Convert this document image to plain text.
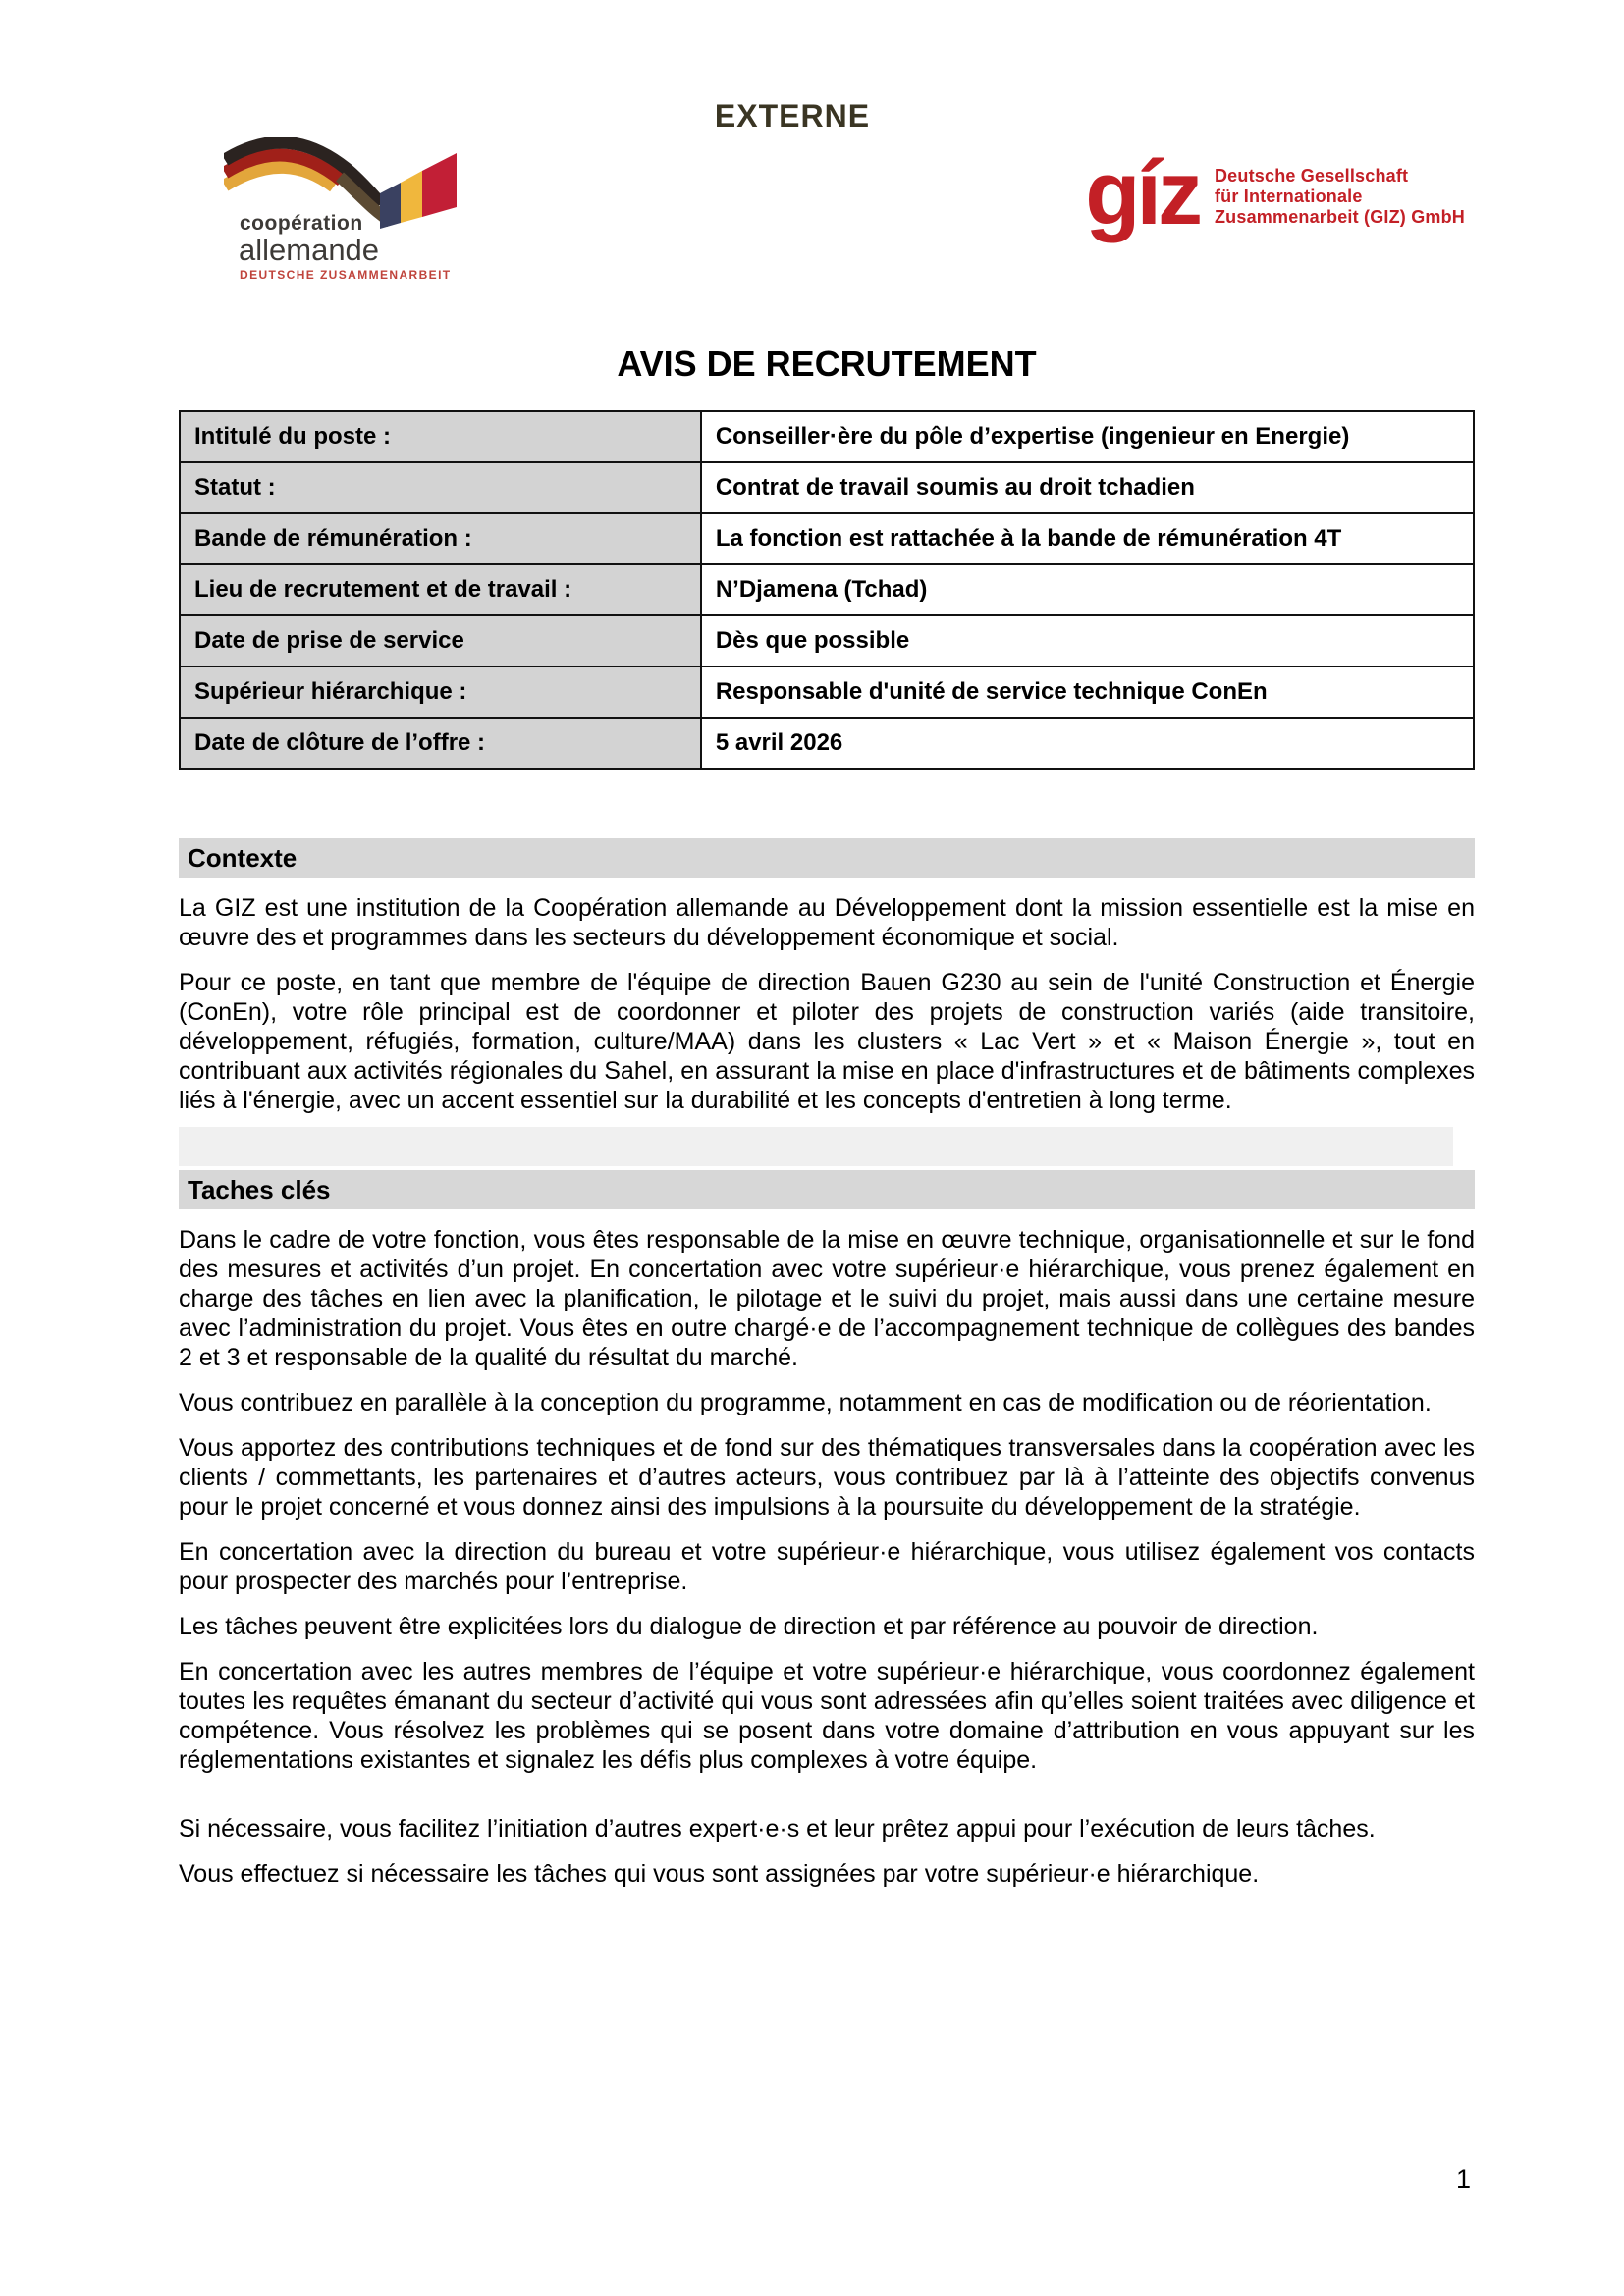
EXTERNE
coopération
allemande
DEUTSCHE ZUSAMMENARBEIT
gíz Deutsche Gesellschaft
für Internationale
Zusammenarbeit (GIZ) GmbH
AVIS DE RECRUTEMENT
Intitulé du poste :	Conseiller·ère du pôle d’expertise (ingenieur en Energie)
Statut :	Contrat de travail soumis au droit tchadien
Bande de rémunération :	La fonction est rattachée à la bande de rémunération 4T
Lieu de recrutement et de travail :	N’Djamena (Tchad)
Date de prise de service	Dès que possible
Supérieur hiérarchique :	Responsable d'unité de service technique ConEn
Date de clôture de l’offre :	5 avril 2026
Contexte

La GIZ est une institution de la Coopération allemande au Développement dont la mission essentielle est la mise en œuvre des et programmes dans les secteurs du développement économique et social.

Pour ce poste, en tant que membre de l'équipe de direction Bauen G230 au sein de l'unité Construction et Énergie (ConEn), votre rôle principal est de coordonner et piloter des projets de construction variés (aide transitoire, développement, réfugiés, formation, culture/MAA) dans les clusters « Lac Vert » et « Maison Énergie », tout en contribuant aux activités régionales du Sahel, en assurant la mise en place d'infrastructures et de bâtiments complexes liés à l'énergie, avec un accent essentiel sur la durabilité et les concepts d'entretien à long terme.

Taches clés

Dans le cadre de votre fonction, vous êtes responsable de la mise en œuvre technique, organisationnelle et sur le fond des mesures et activités d’un projet. En concertation avec votre supérieur·e hiérarchique, vous prenez également en charge des tâches en lien avec la planification, le pilotage et le suivi du projet, mais aussi dans une certaine mesure avec l’administration du projet. Vous êtes en outre chargé·e de l’accompagnement technique de collègues des bandes 2 et 3 et responsable de la qualité du résultat du marché.

Vous contribuez en parallèle à la conception du programme, notamment en cas de modification ou de réorientation.

Vous apportez des contributions techniques et de fond sur des thématiques transversales dans la coopération avec les clients / commettants, les partenaires et d’autres acteurs, vous contribuez par là à l’atteinte des objectifs convenus pour le projet concerné et vous donnez ainsi des impulsions à la poursuite du développement de la stratégie.

En concertation avec la direction du bureau et votre supérieur·e hiérarchique, vous utilisez également vos contacts pour prospecter des marchés pour l’entreprise.

Les tâches peuvent être explicitées lors du dialogue de direction et par référence au pouvoir de direction.

En concertation avec les autres membres de l’équipe et votre supérieur·e hiérarchique, vous coordonnez également toutes les requêtes émanant du secteur d’activité qui vous sont adressées afin qu’elles soient traitées avec diligence et compétence. Vous résolvez les problèmes qui se posent dans votre domaine d’attribution en vous appuyant sur les réglementations existantes et signalez les défis plus complexes à votre équipe.

Si nécessaire, vous facilitez l’initiation d’autres expert·e·s et leur prêtez appui pour l’exécution de leurs tâches.

Vous effectuez si nécessaire les tâches qui vous sont assignées par votre supérieur·e hiérarchique.

1
